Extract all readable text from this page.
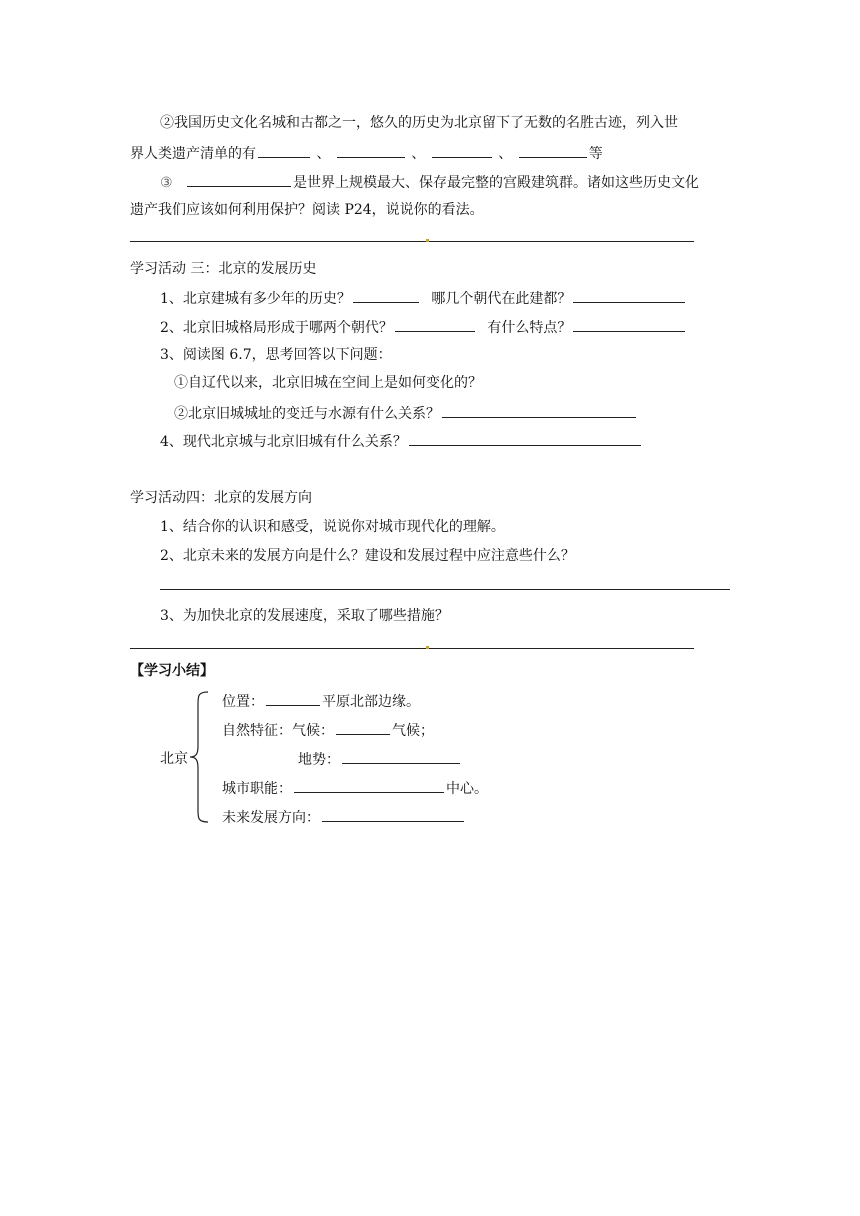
②我国历史文化名城和古都之一，悠久的历史为北京留下了无数的名胜古迹，列入世
界人类遗产清单的有	、	、	、	等
③	是世界上规模最大、保存最完整的宫殿建筑群。诸如这些历史文化
遗产我们应该如何利用保护？阅读 P24，说说你的看法。
学习活动 三：北京的发展历史
1、北京建城有多少年的历史？	哪几个朝代在此建都？
2、北京旧城格局形成于哪两个朝代？	有什么特点？
3、阅读图 6.7，思考回答以下问题：
①自辽代以来，北京旧城在空间上是如何变化的？
②北京旧城城址的变迁与水源有什么关系？
4、现代北京城与北京旧城有什么关系？
学习活动四：北京的发展方向
1、结合你的认识和感受，说说你对城市现代化的理解。
2、北京未来的发展方向是什么？建设和发展过程中应注意些什么？
3、为加快北京的发展速度，采取了哪些措施？
【学习小结】
北京
位置：	平原北部边缘。
自然特征：气候：	气候；
地势：
城市职能：	中心。
未来发展方向：
